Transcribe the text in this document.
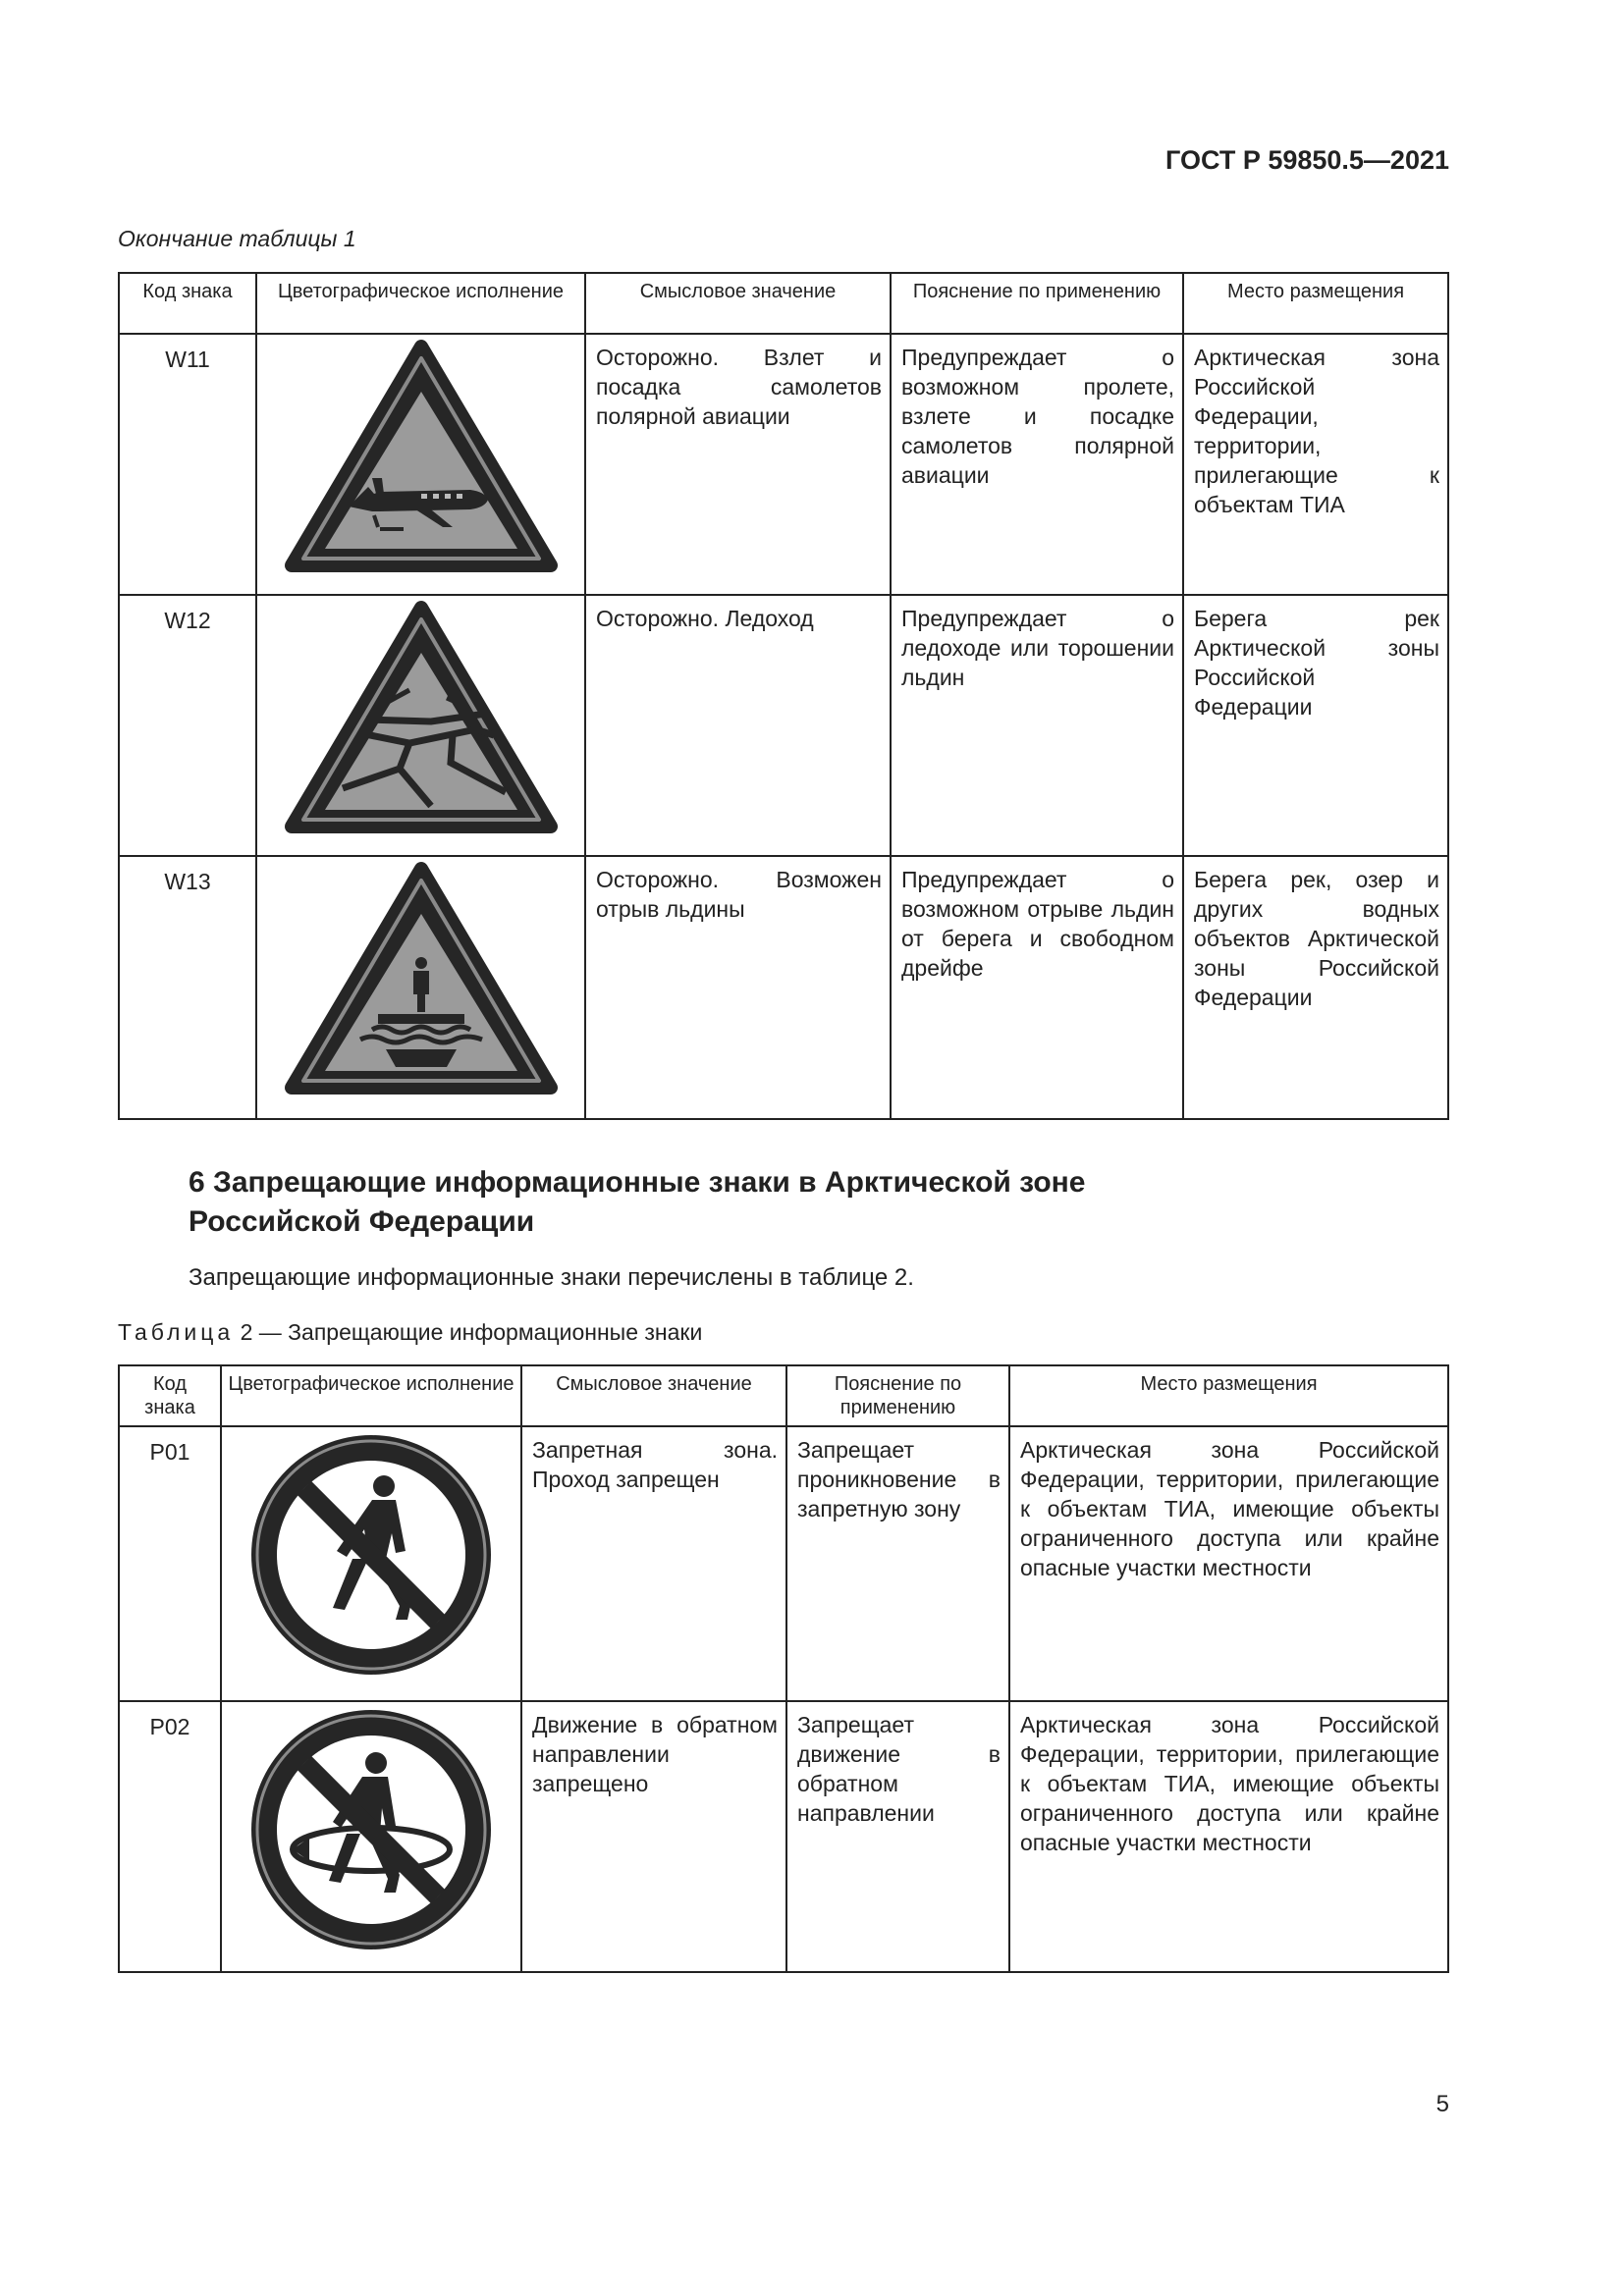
ГОСТ Р 59850.5—2021
Окончание таблицы 1
Код знака	Цветографическое исполнение	Смысловое значение	Пояснение по применению	Место размещения
W11		Осторожно. Взлет и посадка самолетов полярной авиации	Предупреждает о возможном пролете, взлете и посадке самолетов полярной авиации	Арктическая зона Российской Федерации, территории, прилегающие к объектам ТИА
W12		Осторожно. Ледоход	Предупреждает о ледоходе или торошении льдин	Берега рек Арктической зоны Российской Федерации
W13		Осторожно. Возможен отрыв льдины	Предупреждает о возможном отрыве льдин от берега и свободном дрейфе	Берега рек, озер и других водных объектов Арктической зоны Российской Федерации
6 Запрещающие информационные знаки в Арктической зоне
Российской Федерации
Запрещающие информационные знаки перечислены в таблице 2.
Таблица 2 — Запрещающие информационные знаки
Код знака	Цветографическое исполнение	Смысловое значение	Пояснение по применению	Место размещения
P01		Запретная зона. Проход запрещен	Запрещает проникновение в запретную зону	Арктическая зона Российской Федерации, территории, прилегающие к объектам ТИА, имеющие объекты ограниченного доступа или крайне опасные участки местности
P02		Движение в обратном направлении запрещено	Запрещает движение в обратном направлении	Арктическая зона Российской Федерации, территории, прилегающие к объектам ТИА, имеющие объекты ограниченного доступа или крайне опасные участки местности
5
